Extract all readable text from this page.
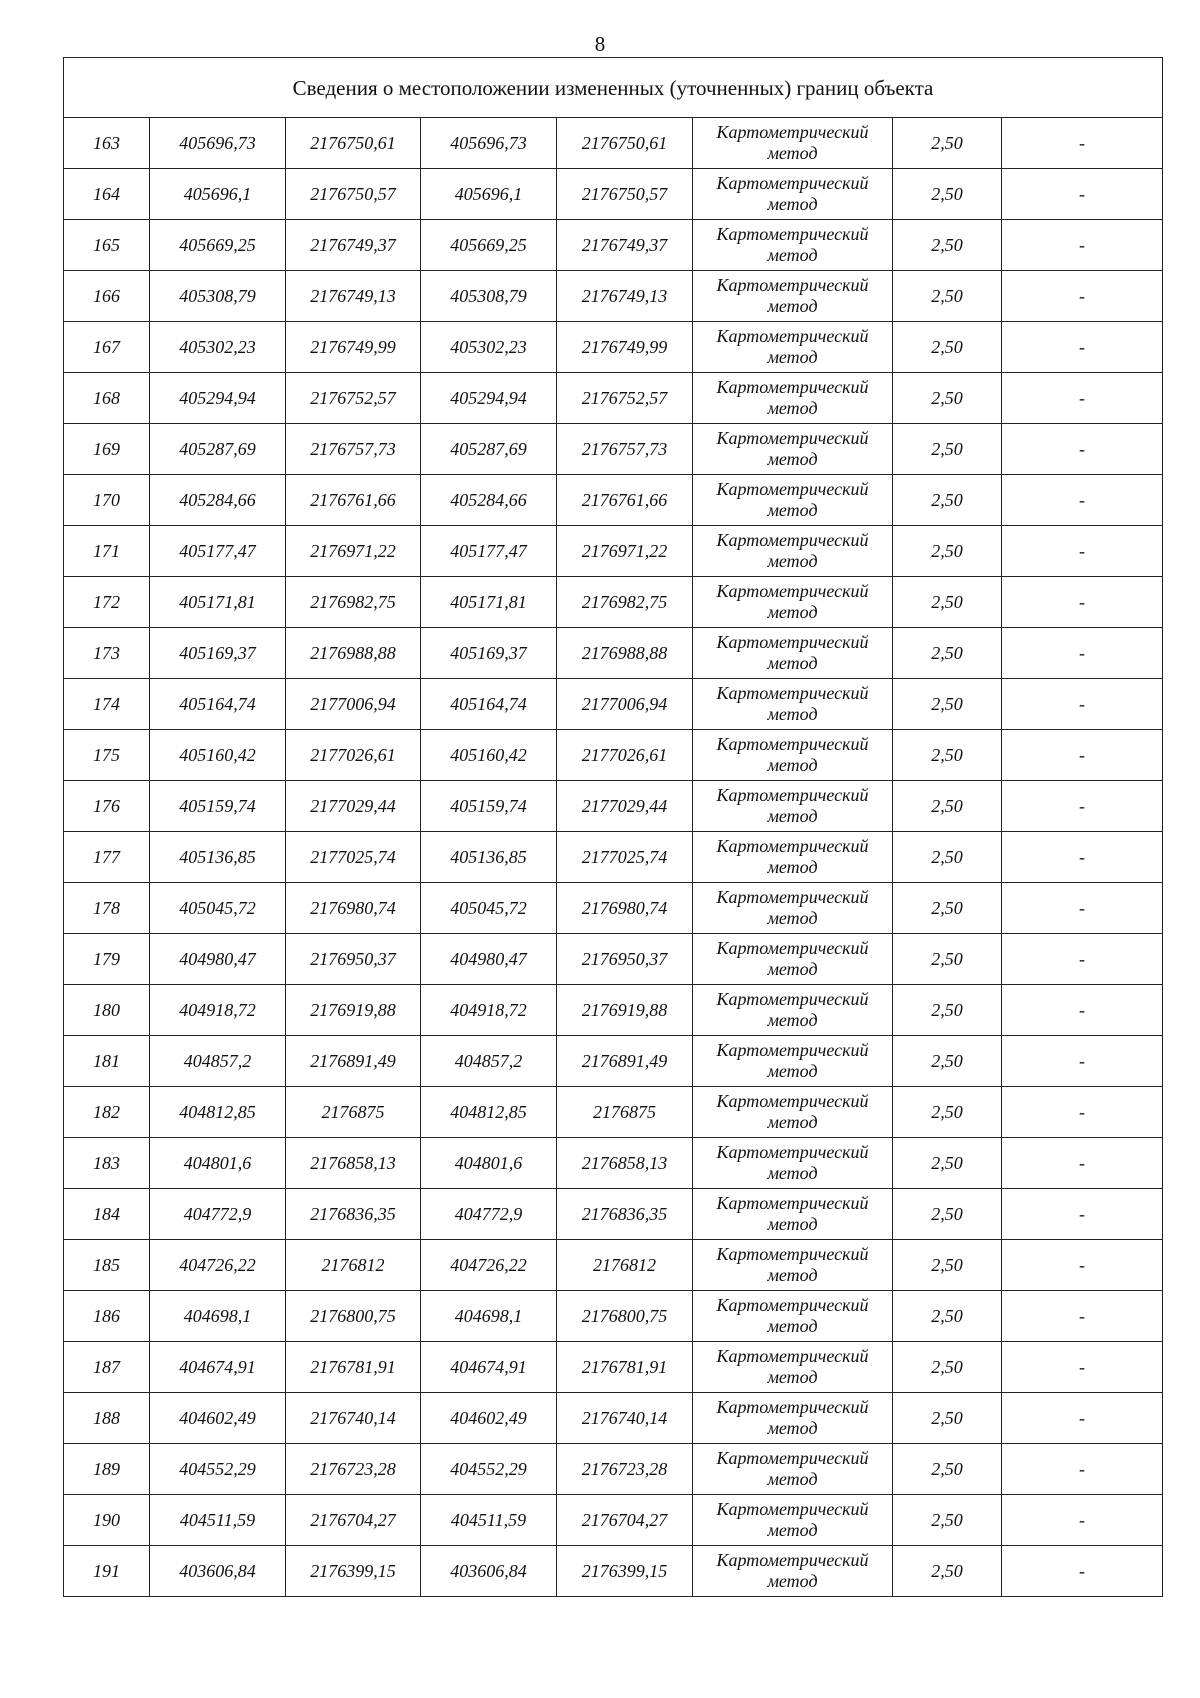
8
Сведения о местоположении измененных (уточненных) границ объекта							
163	405696,73	2176750,61	405696,73	2176750,61	Картометрический
метод	2,50	-
164	405696,1	2176750,57	405696,1	2176750,57	Картометрический
метод	2,50	-
165	405669,25	2176749,37	405669,25	2176749,37	Картометрический
метод	2,50	-
166	405308,79	2176749,13	405308,79	2176749,13	Картометрический
метод	2,50	-
167	405302,23	2176749,99	405302,23	2176749,99	Картометрический
метод	2,50	-
168	405294,94	2176752,57	405294,94	2176752,57	Картометрический
метод	2,50	-
169	405287,69	2176757,73	405287,69	2176757,73	Картометрический
метод	2,50	-
170	405284,66	2176761,66	405284,66	2176761,66	Картометрический
метод	2,50	-
171	405177,47	2176971,22	405177,47	2176971,22	Картометрический
метод	2,50	-
172	405171,81	2176982,75	405171,81	2176982,75	Картометрический
метод	2,50	-
173	405169,37	2176988,88	405169,37	2176988,88	Картометрический
метод	2,50	-
174	405164,74	2177006,94	405164,74	2177006,94	Картометрический
метод	2,50	-
175	405160,42	2177026,61	405160,42	2177026,61	Картометрический
метод	2,50	-
176	405159,74	2177029,44	405159,74	2177029,44	Картометрический
метод	2,50	-
177	405136,85	2177025,74	405136,85	2177025,74	Картометрический
метод	2,50	-
178	405045,72	2176980,74	405045,72	2176980,74	Картометрический
метод	2,50	-
179	404980,47	2176950,37	404980,47	2176950,37	Картометрический
метод	2,50	-
180	404918,72	2176919,88	404918,72	2176919,88	Картометрический
метод	2,50	-
181	404857,2	2176891,49	404857,2	2176891,49	Картометрический
метод	2,50	-
182	404812,85	2176875	404812,85	2176875	Картометрический
метод	2,50	-
183	404801,6	2176858,13	404801,6	2176858,13	Картометрический
метод	2,50	-
184	404772,9	2176836,35	404772,9	2176836,35	Картометрический
метод	2,50	-
185	404726,22	2176812	404726,22	2176812	Картометрический
метод	2,50	-
186	404698,1	2176800,75	404698,1	2176800,75	Картометрический
метод	2,50	-
187	404674,91	2176781,91	404674,91	2176781,91	Картометрический
метод	2,50	-
188	404602,49	2176740,14	404602,49	2176740,14	Картометрический
метод	2,50	-
189	404552,29	2176723,28	404552,29	2176723,28	Картометрический
метод	2,50	-
190	404511,59	2176704,27	404511,59	2176704,27	Картометрический
метод	2,50	-
191	403606,84	2176399,15	403606,84	2176399,15	Картометрический
метод	2,50	-
